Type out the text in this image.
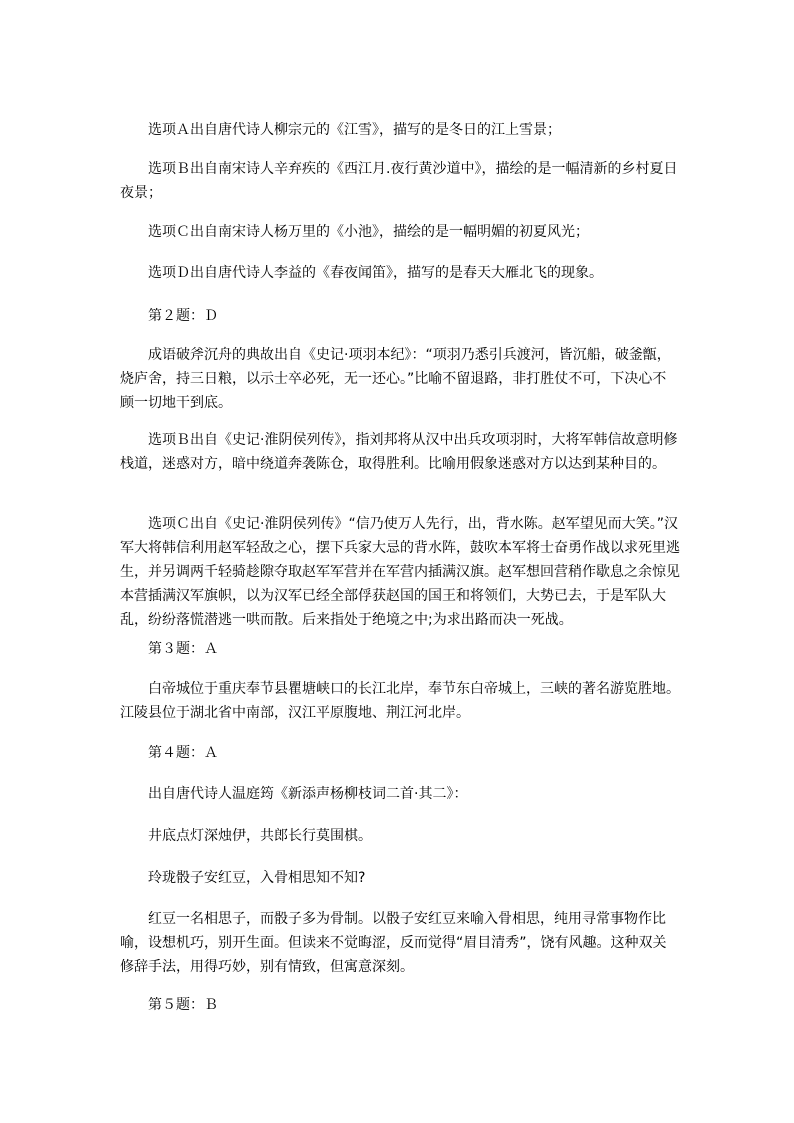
选项Ａ出自唐代诗人柳宗元的《江雪》，描写的是冬日的江上雪景；

选项Ｂ出自南宋诗人辛弃疾的《西江月.夜行黄沙道中》，描绘的是一幅清新的乡村夏日夜景；

选项Ｃ出自南宋诗人杨万里的《小池》，描绘的是一幅明媚的初夏风光；

选项Ｄ出自唐代诗人李益的《春夜闻笛》，描写的是春天大雁北飞的现象。

第２题：Ｄ

成语破斧沉舟的典故出自《史记·项羽本纪》：“项羽乃悉引兵渡河，皆沉船，破釜甑，烧庐舍，持三日粮，以示士卒必死，无一还心。”比喻不留退路，非打胜仗不可，下决心不顾一切地干到底。

选项Ｂ出自《史记·淮阴侯列传》，指刘邦将从汉中出兵攻项羽时，大将军韩信故意明修栈道，迷惑对方，暗中绕道奔袭陈仓，取得胜利。比喻用假象迷惑对方以达到某种目的。

选项Ｃ出自《史记·淮阴侯列传》“信乃使万人先行，出，背水陈。赵军望见而大笑。”汉军大将韩信利用赵军轻敌之心，摆下兵家大忌的背水阵，鼓吹本军将士奋勇作战以求死里逃生，并另调两千轻骑趁隙夺取赵军军营并在军营内插满汉旗。赵军想回营稍作歇息之余惊见本营插满汉军旗帜，以为汉军已经全部俘获赵国的国王和将领们，大势已去，于是军队大乱，纷纷落慌潜逃一哄而散。后来指处于绝境之中;为求出路而决一死战。

第３题：Ａ

白帝城位于重庆奉节县瞿塘峡口的长江北岸，奉节东白帝城上，三峡的著名游览胜地。江陵县位于湖北省中南部，汉江平原腹地、荆江河北岸。

第４题：Ａ

出自唐代诗人温庭筠《新添声杨柳枝词二首·其二》：

井底点灯深烛伊，共郎长行莫围棋。

玲珑骰子安红豆，入骨相思知不知?

红豆一名相思子，而骰子多为骨制。以骰子安红豆来喻入骨相思，纯用寻常事物作比喻，设想机巧，别开生面。但读来不觉晦涩，反而觉得“眉目清秀”，饶有风趣。这种双关修辞手法，用得巧妙，别有情致，但寓意深刻。

第５题：Ｂ
